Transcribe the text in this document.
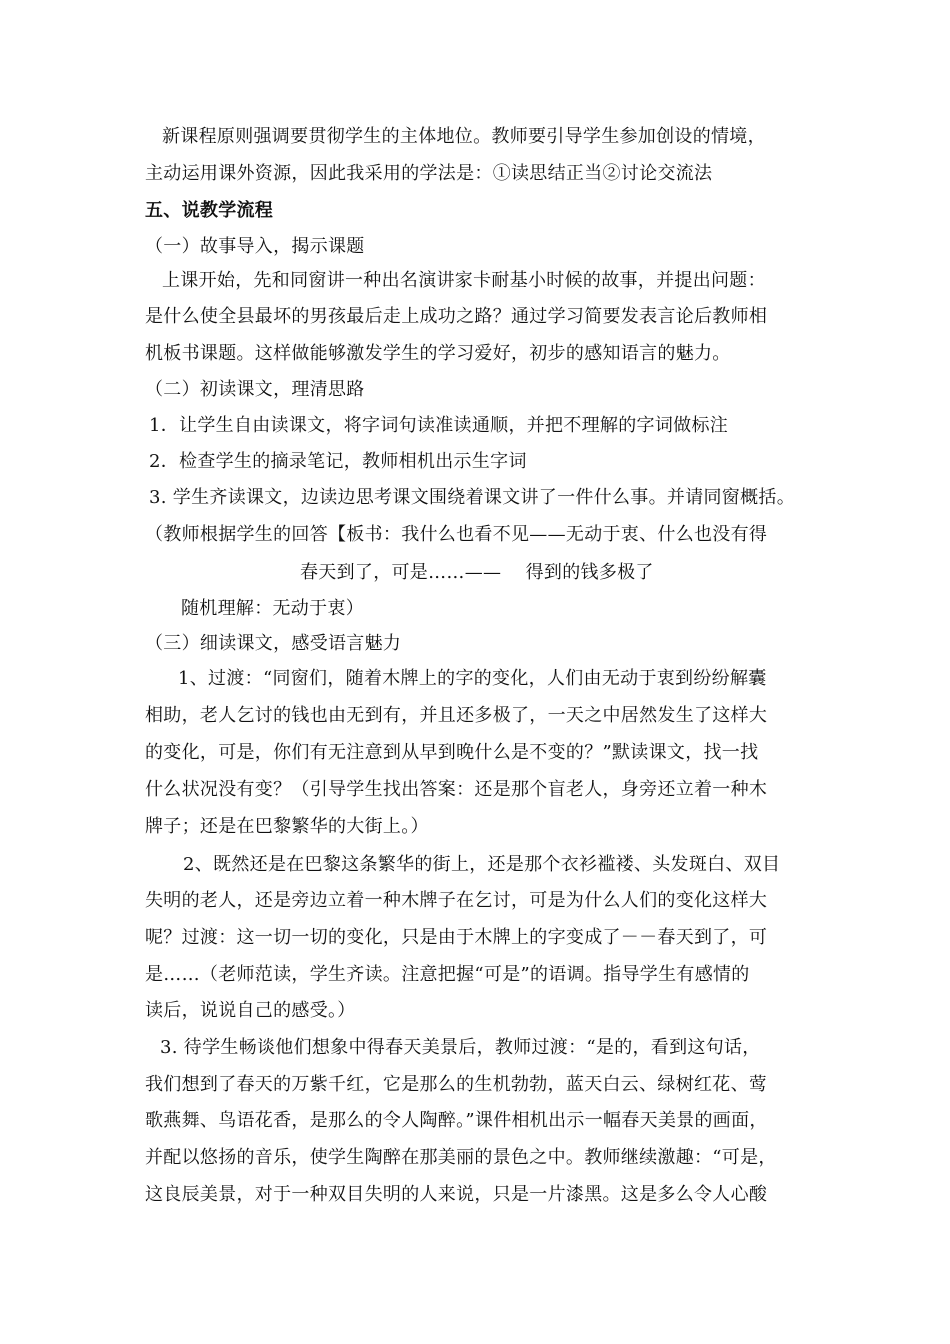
新课程原则强调要贯彻学生的主体地位。教师要引导学生参加创设的情境，
主动运用课外资源，因此我采用的学法是：①读思结正当②讨论交流法
五、说教学流程
（一）故事导入，揭示课题
上课开始，先和同窗讲一种出名演讲家卡耐基小时候的故事，并提出问题：
是什么使全县最坏的男孩最后走上成功之路？通过学习简要发表言论后教师相
机板书课题。这样做能够激发学生的学习爱好，初步的感知语言的魅力。
（二）初读课文，理清思路
1．让学生自由读课文，将字词句读准读通顺，并把不理解的字词做标注
2．检查学生的摘录笔记，教师相机出示生字词
3. 学生齐读课文，边读边思考课文围绕着课文讲了一件什么事。并请同窗概括。
（教师根据学生的回答【板书：我什么也看不见——无动于衷、什么也没有得
春天到了，可是……——　 得到的钱多极了
随机理解：无动于衷）
（三）细读课文，感受语言魅力
1、过渡：“同窗们，随着木牌上的字的变化，人们由无动于衷到纷纷解囊
相助，老人乞讨的钱也由无到有，并且还多极了，一天之中居然发生了这样大
的变化，可是，你们有无注意到从早到晚什么是不变的？”默读课文，找一找
什么状况没有变？（引导学生找出答案：还是那个盲老人，身旁还立着一种木
牌子；还是在巴黎繁华的大街上。）
2、既然还是在巴黎这条繁华的街上，还是那个衣衫褴褛、头发斑白、双目
失明的老人，还是旁边立着一种木牌子在乞讨，可是为什么人们的变化这样大
呢？过渡：这一切一切的变化，只是由于木牌上的字变成了－－春天到了，可
是……（老师范读，学生齐读。注意把握“可是”的语调。指导学生有感情的
读后，说说自己的感受。）
3. 待学生畅谈他们想象中得春天美景后，教师过渡：“是的，看到这句话，
我们想到了春天的万紫千红，它是那么的生机勃勃，蓝天白云、绿树红花、莺
歌燕舞、鸟语花香，是那么的令人陶醉。”课件相机出示一幅春天美景的画面，
并配以悠扬的音乐，使学生陶醉在那美丽的景色之中。教师继续激趣：“可是，
这良辰美景，对于一种双目失明的人来说，只是一片漆黑。这是多么令人心酸
